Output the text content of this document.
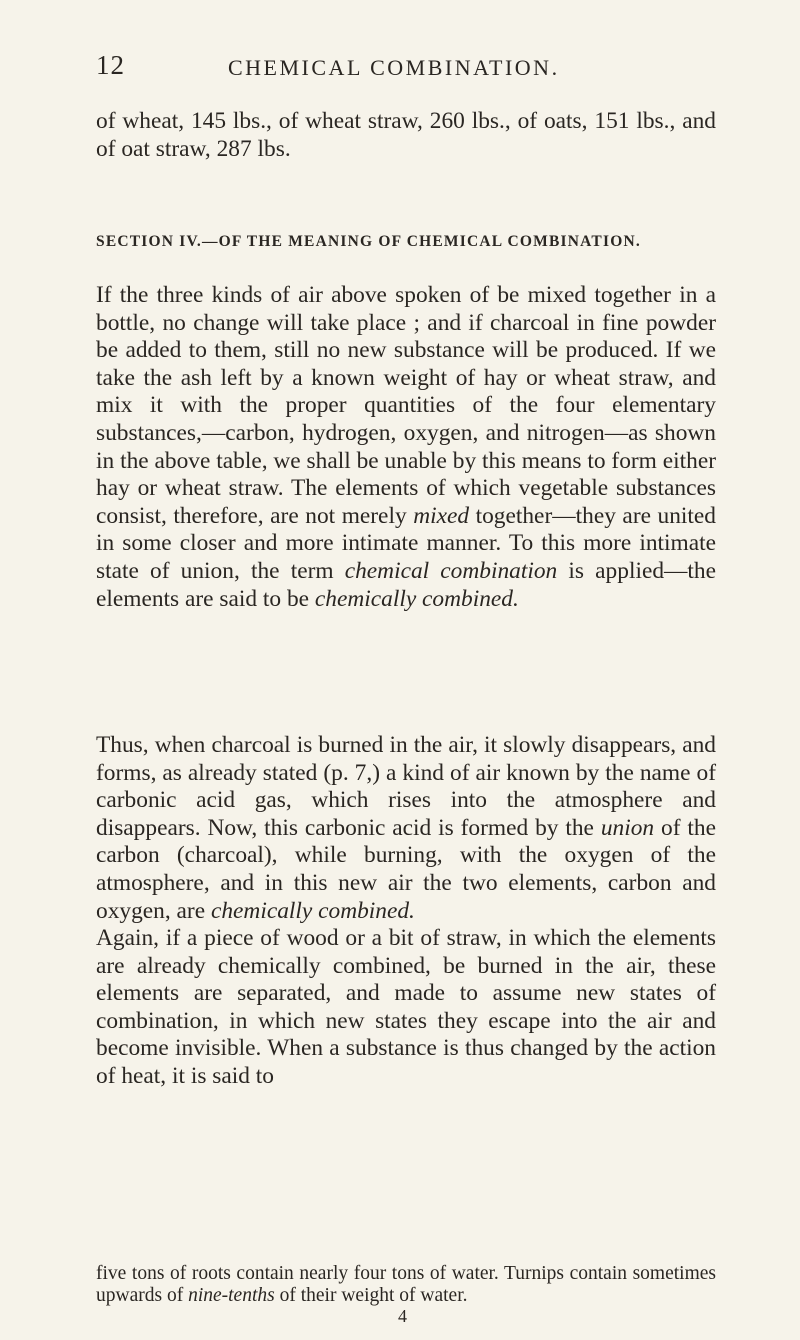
12	CHEMICAL COMBINATION.

of wheat, 145 lbs., of wheat straw, 260 lbs., of oats, 151 lbs., and of oat straw, 287 lbs.

SECTION IV.—OF THE MEANING OF CHEMICAL COMBINATION.

If the three kinds of air above spoken of be mixed together in a bottle, no change will take place ; and if charcoal in fine powder be added to them, still no new substance will be produced. If we take the ash left by a known weight of hay or wheat straw, and mix it with the proper quantities of the four elementary substances,—carbon, hydrogen, oxygen, and nitrogen—as shown in the above table, we shall be unable by this means to form either hay or wheat straw. The elements of which vegetable substances consist, therefore, are not merely mixed together—they are united in some closer and more intimate manner. To this more intimate state of union, the term chemical combination is applied—the elements are said to be chemically combined.

Thus, when charcoal is burned in the air, it slowly disappears, and forms, as already stated (p. 7,) a kind of air known by the name of carbonic acid gas, which rises into the atmosphere and disappears. Now, this carbonic acid is formed by the union of the carbon (charcoal), while burning, with the oxygen of the atmosphere, and in this new air the two elements, carbon and oxygen, are chemically combined.

Again, if a piece of wood or a bit of straw, in which the elements are already chemically combined, be burned in the air, these elements are separated, and made to assume new states of combination, in which new states they escape into the air and become invisible. When a substance is thus changed by the action of heat, it is said to

five tons of roots contain nearly four tons of water. Turnips contain sometimes upwards of nine-tenths of their weight of water.

4
